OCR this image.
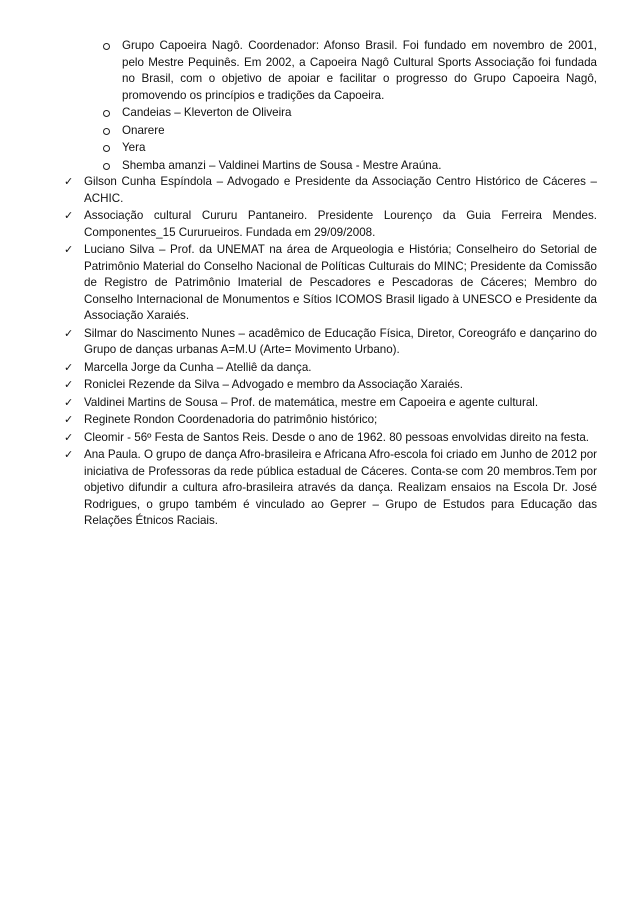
Grupo Capoeira Nagô. Coordenador: Afonso Brasil. Foi fundado em novembro de 2001, pelo Mestre Pequinês. Em 2002, a Capoeira Nagô Cultural Sports Associação foi fundada no Brasil, com o objetivo de apoiar e facilitar o progresso do Grupo Capoeira Nagô, promovendo os princípios e tradições da Capoeira.
Candeias – Kleverton de Oliveira
Onarere
Yera
Shemba amanzi – Valdinei Martins de Sousa - Mestre Araúna.
✓ Gilson Cunha Espíndola – Advogado e Presidente da Associação Centro Histórico de Cáceres – ACHIC.
✓ Associação cultural Cururu Pantaneiro. Presidente Lourenço da Guia Ferreira Mendes. Componentes_15 Cururueiros. Fundada em 29/09/2008.
✓ Luciano Silva – Prof. da UNEMAT na área de Arqueologia e História; Conselheiro do Setorial de Patrimônio Material do Conselho Nacional de Políticas Culturais do MINC; Presidente da Comissão de Registro de Patrimônio Imaterial de Pescadores e Pescadoras de Cáceres; Membro do Conselho Internacional de Monumentos e Sítios ICOMOS Brasil ligado à UNESCO e Presidente da Associação Xaraiés.
✓ Silmar do Nascimento Nunes – acadêmico de Educação Física, Diretor, Coreográfo e dançarino do Grupo de danças urbanas A=M.U (Arte= Movimento Urbano).
✓ Marcella Jorge da Cunha – Atelliê da dança.
✓ Roniclei Rezende da Silva – Advogado e membro da Associação Xaraiés.
✓ Valdinei Martins de Sousa – Prof. de matemática, mestre em Capoeira e agente cultural.
✓ Reginete Rondon Coordenadoria do patrimônio histórico;
✓ Cleomir - 56º Festa de Santos Reis. Desde o ano de 1962. 80 pessoas envolvidas direito na festa.
✓ Ana Paula. O grupo de dança Afro-brasileira e Africana Afro-escola foi criado em Junho de 2012 por iniciativa de Professoras da rede pública estadual de Cáceres. Conta-se com 20 membros.Tem por objetivo difundir a cultura afro-brasileira através da dança. Realizam ensaios na Escola Dr. José Rodrigues, o grupo também é vinculado ao Geprer – Grupo de Estudos para Educação das Relações Étnicos Raciais.
